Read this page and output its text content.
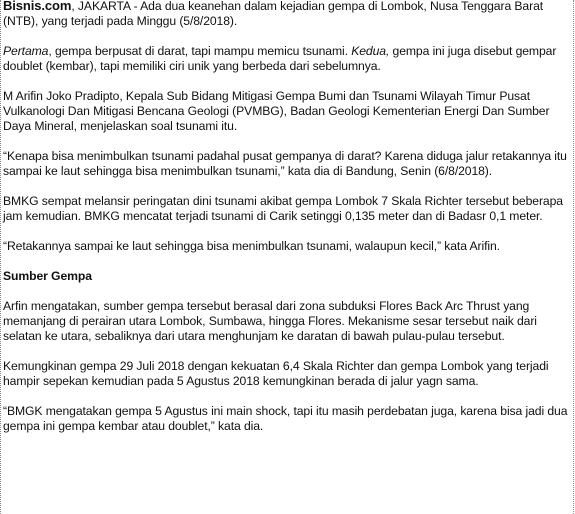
Bisnis.com, JAKARTA - Ada dua keanehan dalam kejadian gempa di Lombok, Nusa Tenggara Barat (NTB), yang terjadi pada Minggu (5/8/2018).

Pertama, gempa berpusat di darat, tapi mampu memicu tsunami. Kedua, gempa ini juga disebut gempar doublet (kembar), tapi memiliki ciri unik yang berbeda dari sebelumnya.

M Arifin Joko Pradipto, Kepala Sub Bidang Mitigasi Gempa Bumi dan Tsunami Wilayah Timur Pusat Vulkanologi Dan Mitigasi Bencana Geologi (PVMBG), Badan Geologi Kementerian Energi Dan Sumber Daya Mineral, menjelaskan soal tsunami itu.

“Kenapa bisa menimbulkan tsunami padahal pusat gempanya di darat? Karena diduga jalur retakannya itu sampai ke laut sehingga bisa menimbulkan tsunami,” kata dia di Bandung, Senin (6/8/2018).

BMKG sempat melansir peringatan dini tsunami akibat gempa Lombok 7 Skala Richter tersebut beberapa jam kemudian. BMKG mencatat terjadi tsunami di Carik setinggi 0,135 meter dan di Badasr 0,1 meter.

“Retakannya sampai ke laut sehingga bisa menimbulkan tsunami, walaupun kecil,” kata Arifin.

Sumber Gempa

Arfin mengatakan, sumber gempa tersebut berasal dari zona subduksi Flores Back Arc Thrust yang memanjang di perairan utara Lombok, Sumbawa, hingga Flores. Mekanisme sesar tersebut naik dari selatan ke utara, sebaliknya dari utara menghunjam ke daratan di bawah pulau-pulau tersebut.

Kemungkinan gempa 29 Juli 2018 dengan kekuatan 6,4 Skala Richter dan gempa Lombok yang terjadi hampir sepekan kemudian pada 5 Agustus 2018 kemungkinan berada di jalur yagn sama.

“BMGK mengatakan gempa 5 Agustus ini main shock, tapi itu masih perdebatan juga, karena bisa jadi dua gempa ini gempa kembar atau doublet,” kata dia.
